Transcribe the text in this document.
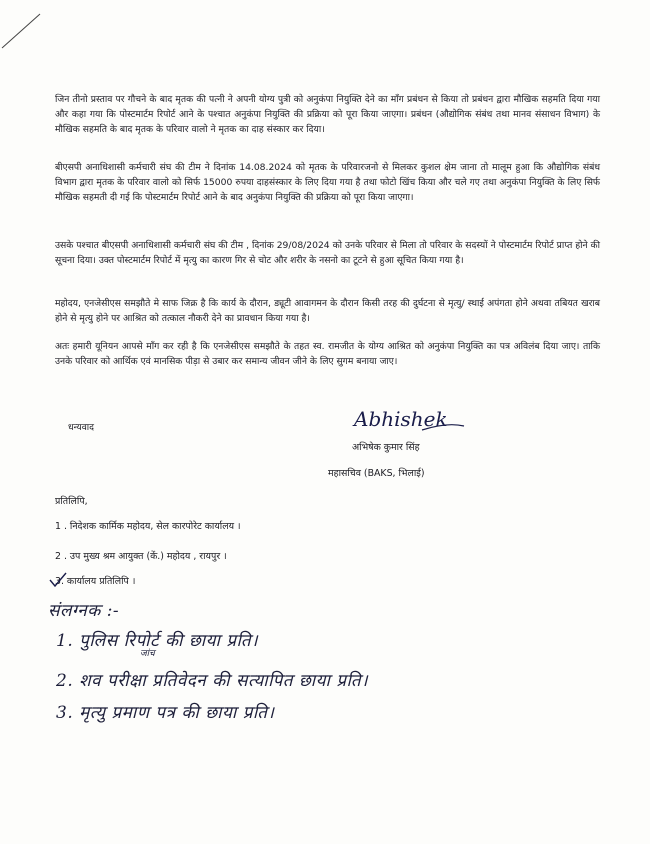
जिन तीनो प्रस्ताव पर गौचने के बाद मृतक की पत्नी ने अपनी योग्य पुत्री को अनुकंपा नियुक्ति देने का माँग प्रबंधन से किया तो प्रबंधन द्वारा मौखिक सहमति दिया गया और कहा गया कि पोस्टमार्टम रिपोर्ट आने के पश्चात अनुकंपा नियुक्ति की प्रक्रिया को पूरा किया जाएगा। प्रबंधन (औद्योगिक संबंध तथा मानव संसाधन विभाग) के मौखिक सहमति के बाद मृतक के परिवार वालो ने मृतक का दाह संस्कार कर दिया।
बीएसपी अनाधिशासी कर्मचारी संघ की टीम ने दिनांक 14.08.2024 को मृतक के परिवारजनो से मिलकर कुशल क्षेम जाना तो मालूम हुआ कि औद्योगिक संबंध विभाग द्वारा मृतक के परिवार वालो को सिर्फ 15000 रुपया दाहसंस्कार के लिए दिया गया है तथा फोटो खिंच किया और चले गए तथा अनुकंपा नियुक्ति के लिए सिर्फ मौखिक सहमती दी गई कि पोस्टमार्टम रिपोर्ट आने के बाद अनुकंपा नियुक्ति की प्रक्रिया को पूरा किया जाएगा।
उसके पश्चात बीएसपी अनाधिशासी कर्मचारी संघ की टीम , दिनांक 29/08/2024 को उनके परिवार से मिला तो परिवार के सदस्यों ने पोस्टमार्टम रिपोर्ट प्राप्त होने की सूचना दिया। उक्त पोस्टमार्टम रिपोर्ट में मृत्यु का कारण गिर से चोट और शरीर के नसनो का टूटने से हुआ सूचित किया गया है।
महोदय, एनजेसीएस समझौते मे साफ जिक्र है कि कार्य के दौरान, ड्यूटी आवागमन के दौरान किसी तरह की दुर्घटना से मृत्यु/ स्थाई अपंगता होने अथवा तबियत खराब होने से मृत्यु होने पर आश्रित को तत्काल नौकरी देने का प्रावधान किया गया है।
अतः हमारी यूनियन आपसे माँग कर रही है कि एनजेसीएस समझौते के तहत स्व. रामजीत के योग्य आश्रित को अनुकंपा नियुक्ति का पत्र अविलंब दिया जाए। ताकि उनके परिवार को आर्थिक एवं मानसिक पीड़ा से उबार कर समान्य जीवन जीने के लिए सुगम बनाया जाए।
धन्यवाद	Abhishek
अभिषेक कुमार सिंह
महासचिव (BAKS, भिलाई)
प्रतिलिपि,
1 . निदेशक कार्मिक महोदय, सेल कारपोरेट कार्यालय ।
2 . उप मुख्य श्रम आयुक्त (कें.) महोदय , रायपुर ।
3. कार्यालय प्रतिलिपि ।
संलग्नक :-
1. पुलिस रिपोर्ट की छाया प्रति।
जांच
2. शव परीक्षा प्रतिवेदन की सत्यापित छाया प्रति।
3. मृत्यु प्रमाण पत्र की छाया प्रति।
